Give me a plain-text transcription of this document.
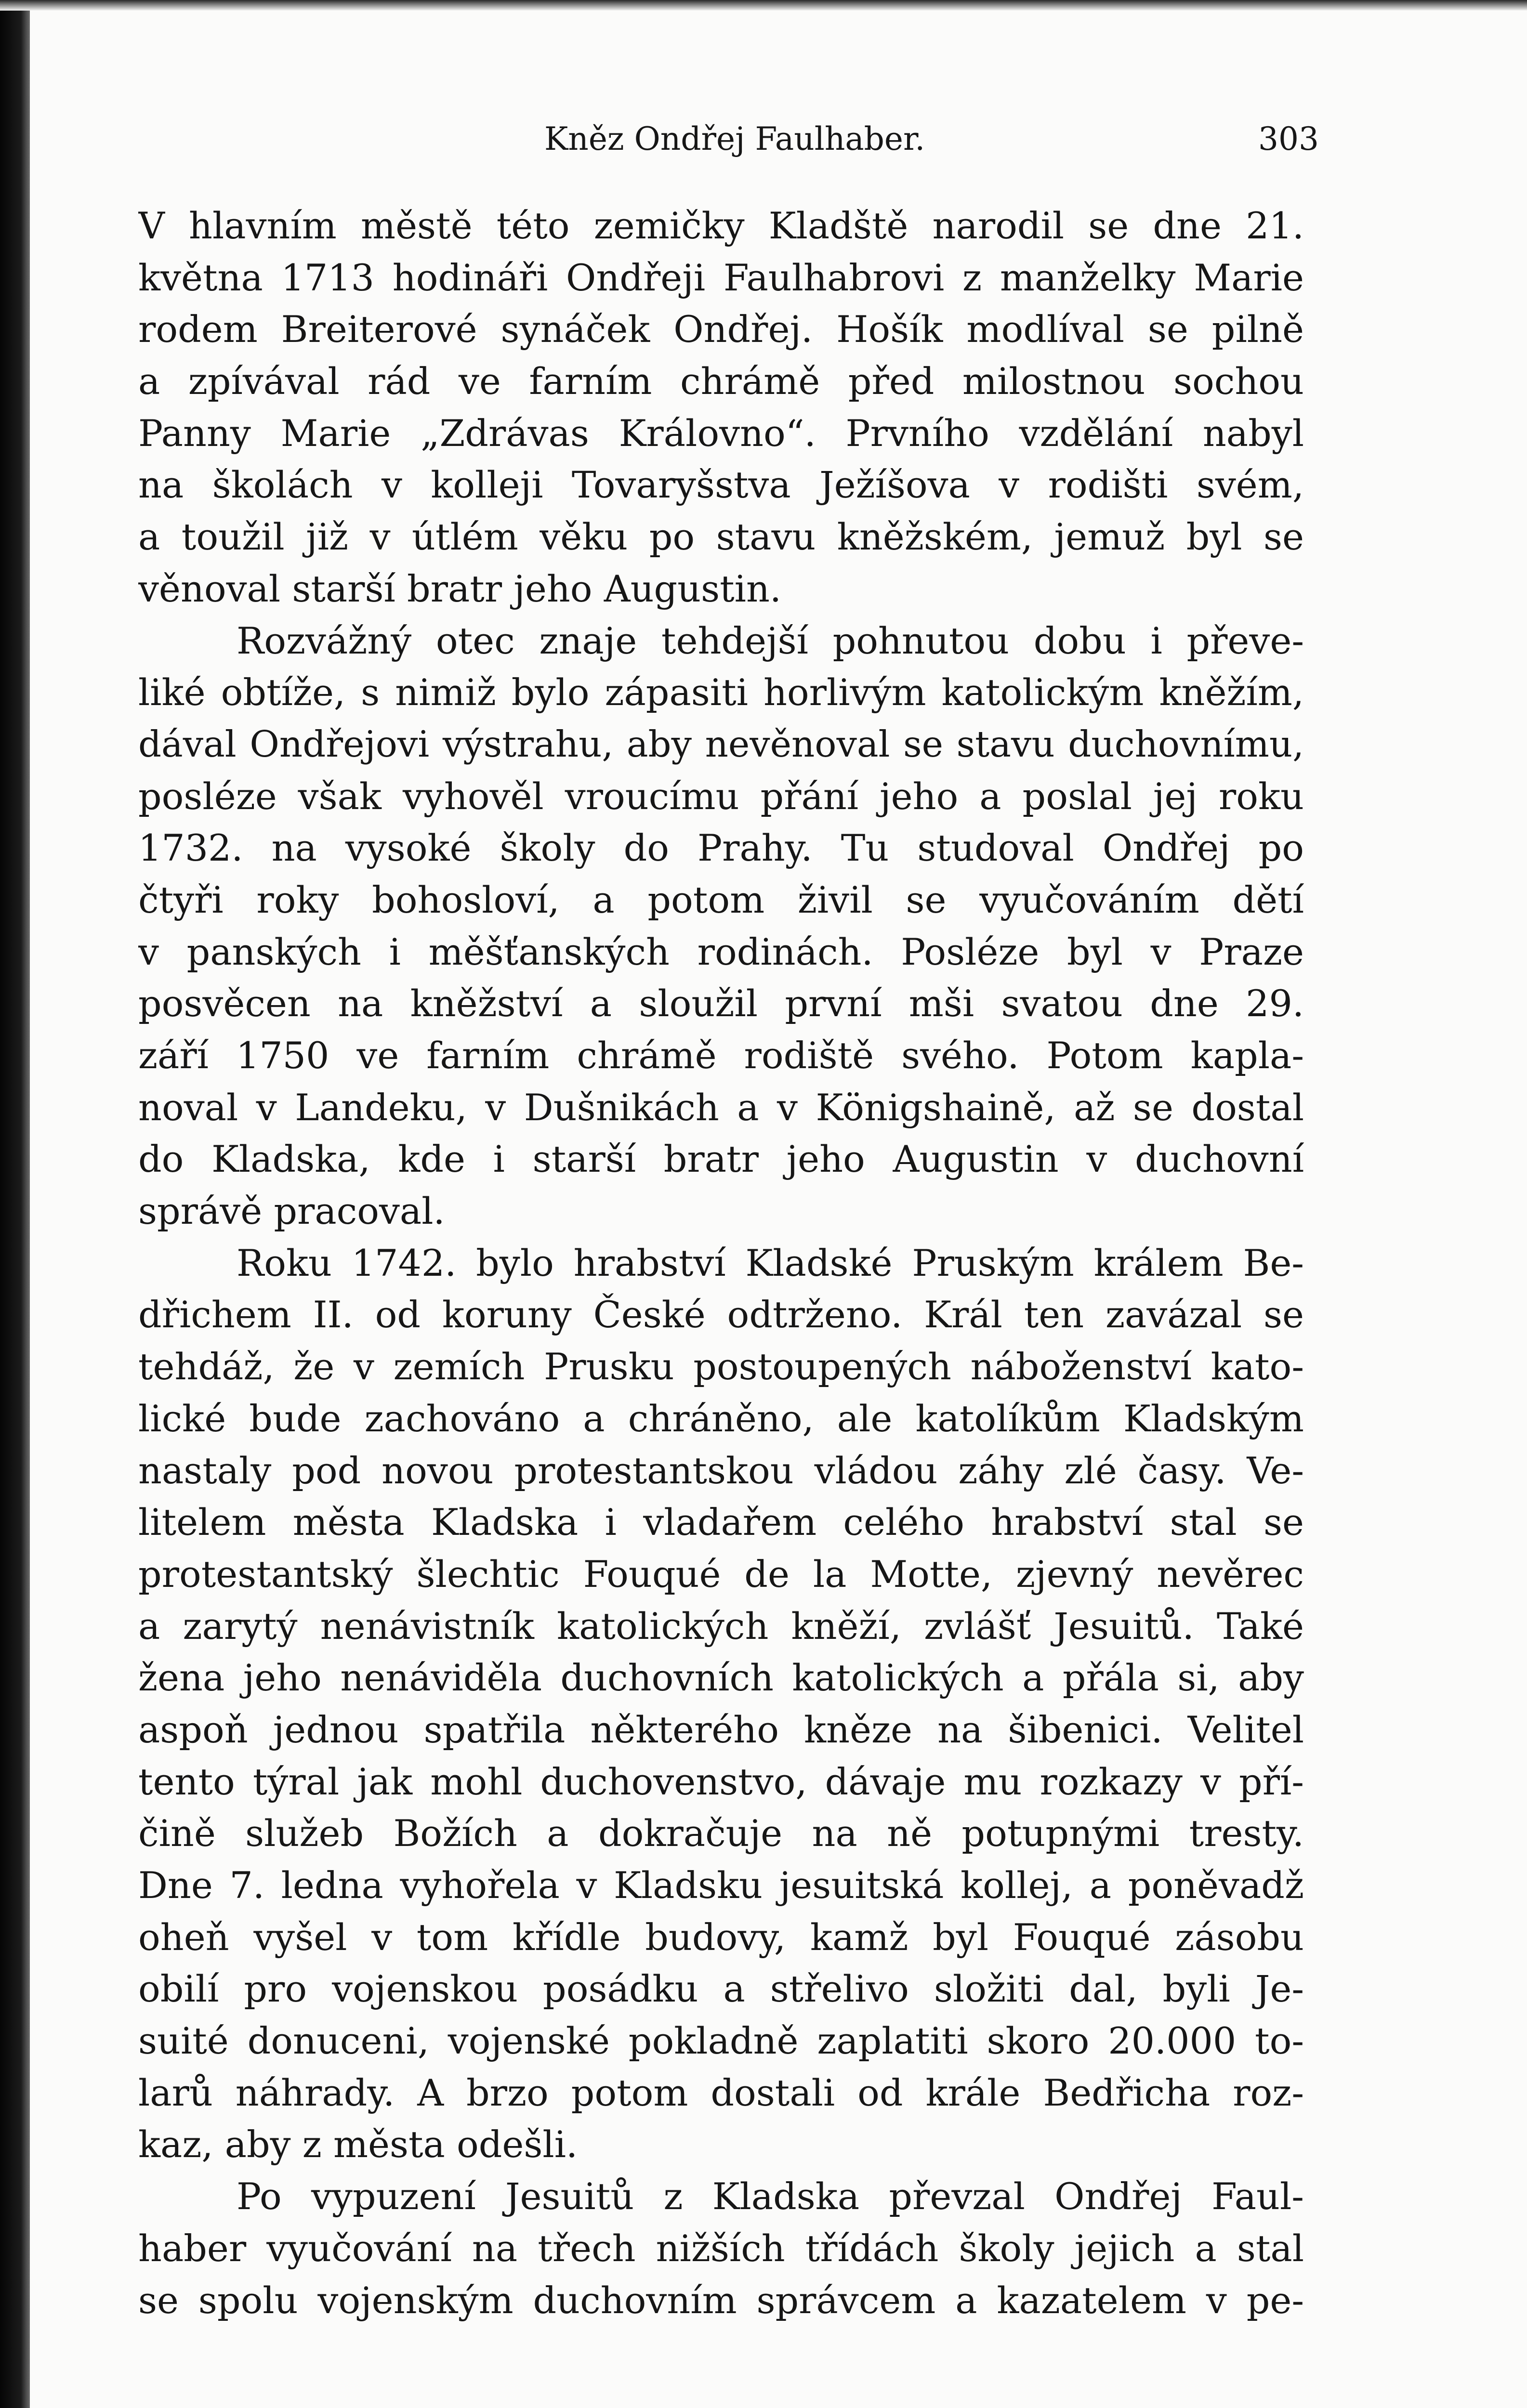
Kněz Ondřej Faulhaber.	303
V hlavním městě této zemičky Kladště narodil se dne 21.
května 1713 hodináři Ondřeji Faulhabrovi z manželky Marie
rodem Breiterové synáček Ondřej. Hošík modlíval se pilně
a zpívával rád ve farním chrámě před milostnou sochou
Panny Marie „Zdrávas Královno“. Prvního vzdělání nabyl
na školách v kolleji Tovaryšstva Ježíšova v rodišti svém,
a toužil již v útlém věku po stavu kněžském, jemuž byl se
věnoval starší bratr jeho Augustin.
Rozvážný otec znaje tehdejší pohnutou dobu i převe-
liké obtíže, s nimiž bylo zápasiti horlivým katolickým kněžím,
dával Ondřejovi výstrahu, aby nevěnoval se stavu duchovnímu,
posléze však vyhověl vroucímu přání jeho a poslal jej roku
1732. na vysoké školy do Prahy. Tu studoval Ondřej po
čtyři roky bohosloví, a potom živil se vyučováním dětí
v panských i měšťanských rodinách. Posléze byl v Praze
posvěcen na kněžství a sloužil první mši svatou dne 29.
září 1750 ve farním chrámě rodiště svého. Potom kapla-
noval v Landeku, v Dušnikách a v Königshaině, až se dostal
do Kladska, kde i starší bratr jeho Augustin v duchovní
správě pracoval.
Roku 1742. bylo hrabství Kladské Pruským králem Be-
dřichem II. od koruny České odtrženo. Král ten zavázal se
tehdáž, že v zemích Prusku postoupených náboženství kato-
lické bude zachováno a chráněno, ale katolíkům Kladským
nastaly pod novou protestantskou vládou záhy zlé časy. Ve-
litelem města Kladska i vladařem celého hrabství stal se
protestantský šlechtic Fouqué de la Motte, zjevný nevěrec
a zarytý nenávistník katolických kněží, zvlášť Jesuitů. Také
žena jeho nenáviděla duchovních katolických a přála si, aby
aspoň jednou spatřila některého kněze na šibenici. Velitel
tento týral jak mohl duchovenstvo, dávaje mu rozkazy v pří-
čině služeb Božích a dokračuje na ně potupnými tresty.
Dne 7. ledna vyhořela v Kladsku jesuitská kollej, a poněvadž
oheň vyšel v tom křídle budovy, kamž byl Fouqué zásobu
obilí pro vojenskou posádku a střelivo složiti dal, byli Je-
suité donuceni, vojenské pokladně zaplatiti skoro 20.000 to-
larů náhrady. A brzo potom dostali od krále Bedřicha roz-
kaz, aby z města odešli.
Po vypuzení Jesuitů z Kladska převzal Ondřej Faul-
haber vyučování na třech nižších třídách školy jejich a stal
se spolu vojenským duchovním správcem a kazatelem v pe-
